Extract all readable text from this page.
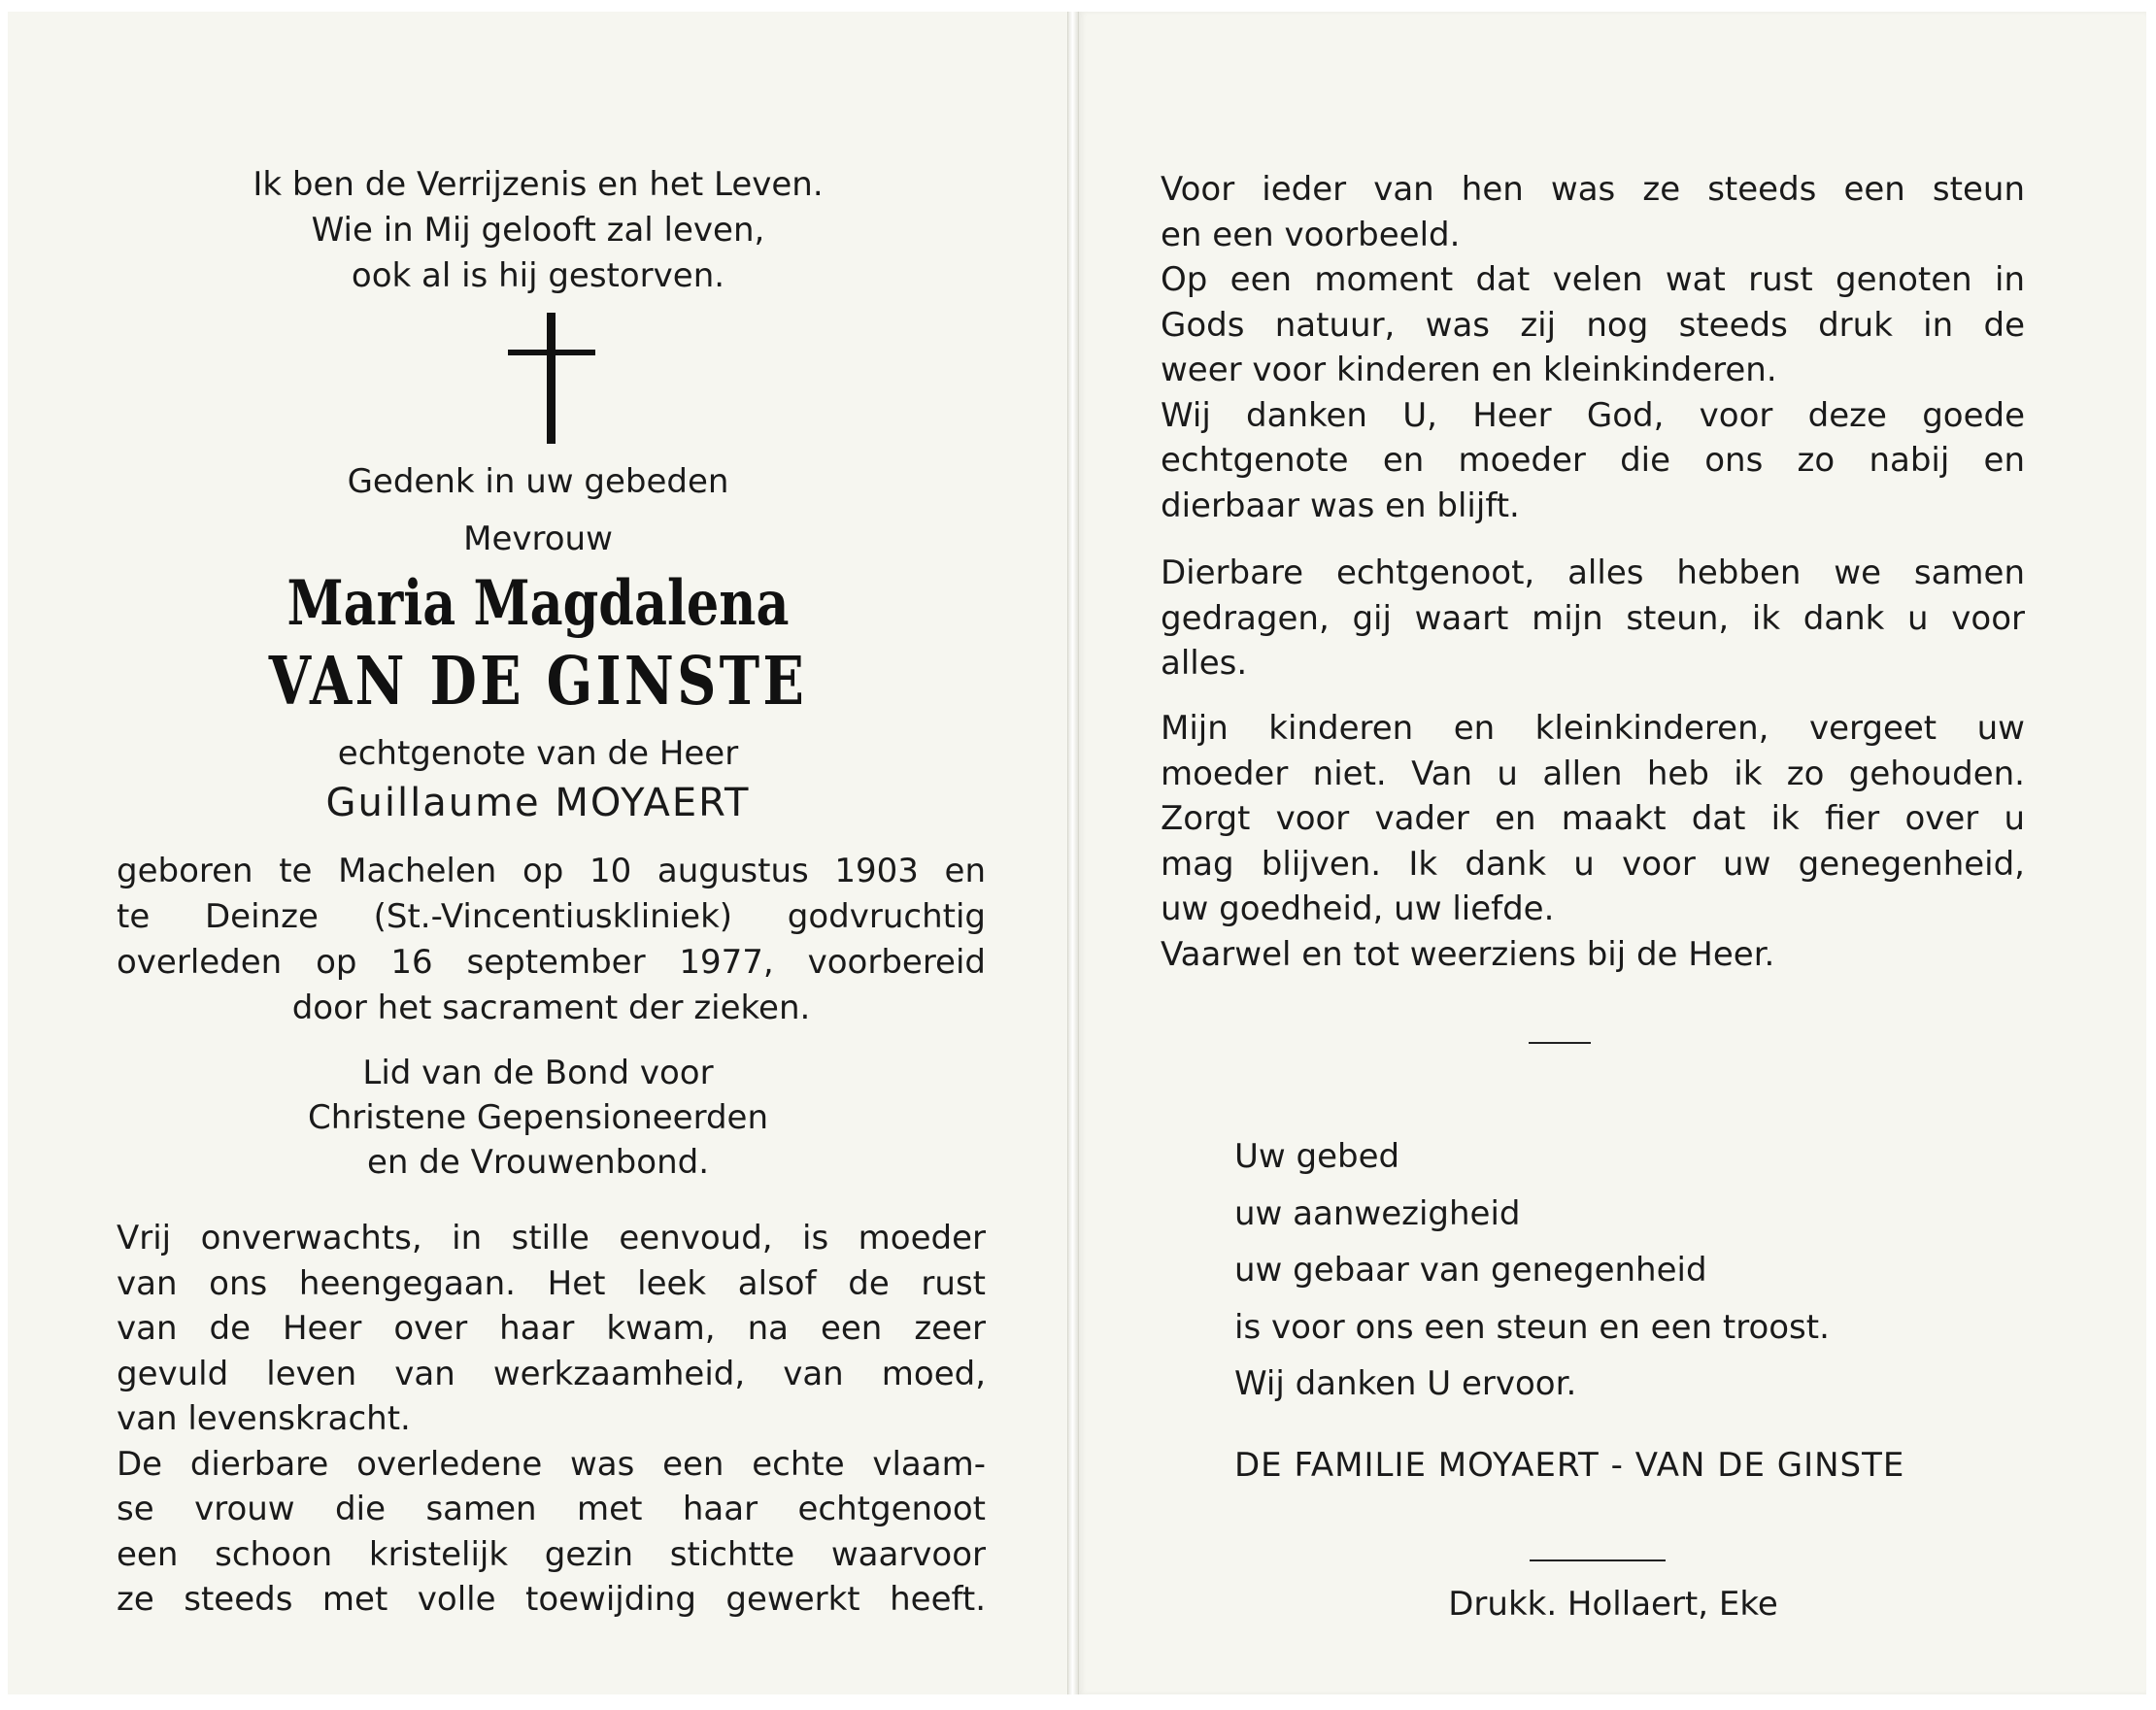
Ik ben de Verrijzenis en het Leven.
Wie in Mij gelooft zal leven,
ook al is hij gestorven.
Gedenk in uw gebeden
Mevrouw
Maria Magdalena
VAN DE GINSTE
echtgenote van de Heer
Guillaume MOYAERT
geboren te Machelen op 10 augustus 1903 en
te Deinze (St.-Vincentiuskliniek) godvruchtig
overleden op 16 september 1977, voorbereid
door het sacrament der zieken.
Lid van de Bond voor
Christene Gepensioneerden
en de Vrouwenbond.
Vrij onverwachts, in stille eenvoud, is moeder
van ons heengegaan. Het leek alsof de rust
van de Heer over haar kwam, na een zeer
gevuld leven van werkzaamheid, van moed,
van levenskracht.
De dierbare overledene was een echte vlaam-
se vrouw die samen met haar echtgenoot
een schoon kristelijk gezin stichtte waarvoor
ze steeds met volle toewijding gewerkt heeft.
Voor ieder van hen was ze steeds een steun
en een voorbeeld.
Op een moment dat velen wat rust genoten in
Gods natuur, was zij nog steeds druk in de
weer voor kinderen en kleinkinderen.
Wij danken U, Heer God, voor deze goede
echtgenote en moeder die ons zo nabij en
dierbaar was en blijft.
Dierbare echtgenoot, alles hebben we samen
gedragen, gij waart mijn steun, ik dank u voor
alles.
Mijn kinderen en kleinkinderen, vergeet uw
moeder niet. Van u allen heb ik zo gehouden.
Zorgt voor vader en maakt dat ik fier over u
mag blijven. Ik dank u voor uw genegenheid,
uw goedheid, uw liefde.
Vaarwel en tot weerziens bij de Heer.
Uw gebed
uw aanwezigheid
uw gebaar van genegenheid
is voor ons een steun en een troost.
Wij danken U ervoor.
DE FAMILIE MOYAERT - VAN DE GINSTE
Drukk. Hollaert, Eke
